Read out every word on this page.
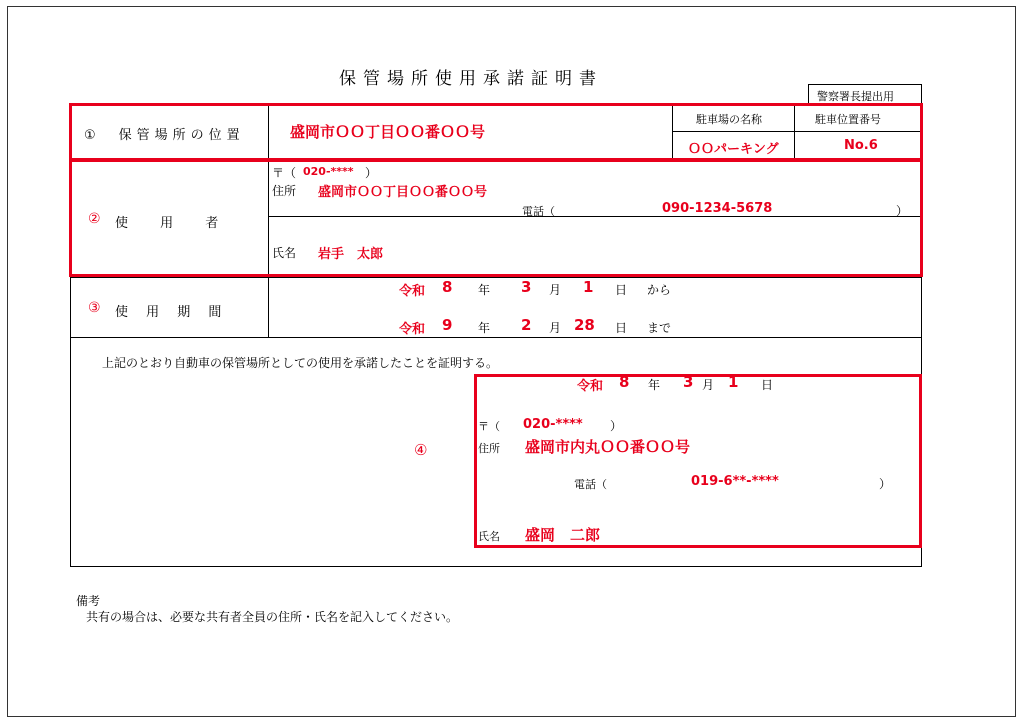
保管場所使用承諾証明書
警察署長提出用
①　保管場所の位置	盛岡市ＯＯ丁目ＯＯ番ＯＯ号
駐車場の名称	駐車位置番号
ＯＯパーキング	No.6
② 使 用 者
〒（ 020-**** ）
住所 盛岡市ＯＯ丁目ＯＯ番ＯＯ号
電話（	090-1234-5678	）
氏名 岩手　太郎
③ 使 用 期 間
令和 8 年 3 月 1 日 から
令和 9 年 2 月 28 日 まで
上記のとおり自動車の保管場所としての使用を承諾したことを証明する。
令和 8 年 3 月 1 日
④
〒（ 020-**** ）
住所 盛岡市内丸ＯＯ番ＯＯ号
電話（	019-6**-****	）
氏名 盛岡　二郎
備考
共有の場合は、必要な共有者全員の住所・氏名を記入してください。
